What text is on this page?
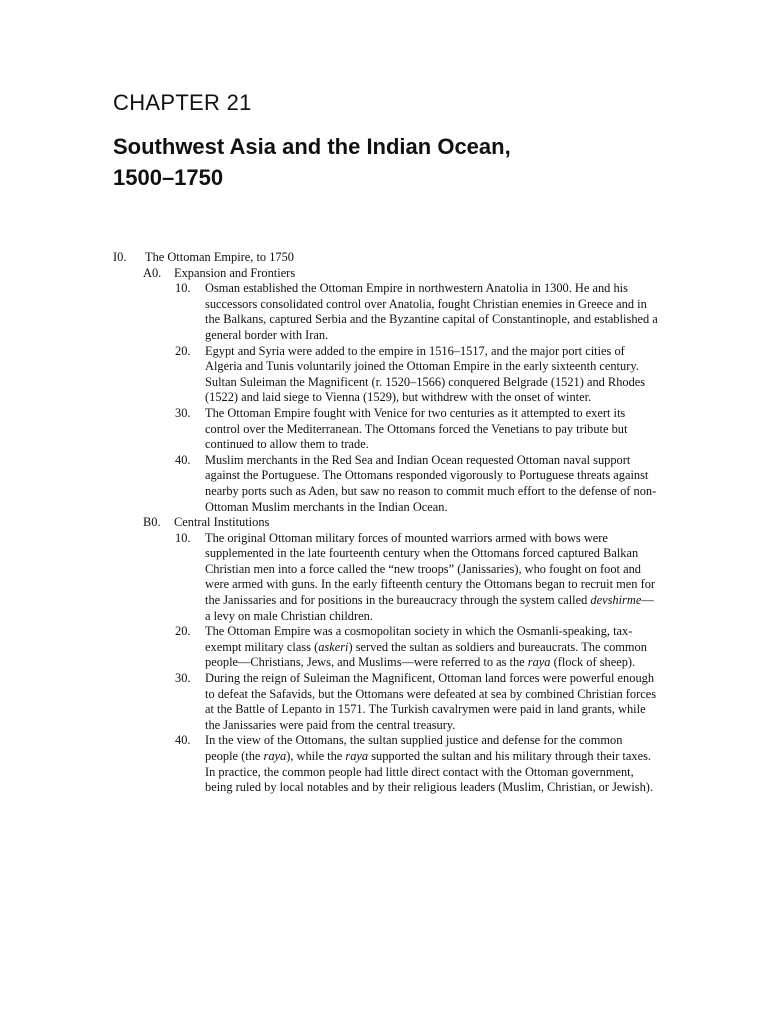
CHAPTER 21
Southwest Asia and the Indian Ocean,
1500–1750
I0. The Ottoman Empire, to 1750
A0. Expansion and Frontiers
10. Osman established the Ottoman Empire in northwestern Anatolia in 1300. He and his successors consolidated control over Anatolia, fought Christian enemies in Greece and in the Balkans, captured Serbia and the Byzantine capital of Constantinople, and established a general border with Iran.

20. Egypt and Syria were added to the empire in 1516–1517, and the major port cities of Algeria and Tunis voluntarily joined the Ottoman Empire in the early sixteenth century. Sultan Suleiman the Magnificent (r. 1520–1566) conquered Belgrade (1521) and Rhodes (1522) and laid siege to Vienna (1529), but withdrew with the onset of winter.

30. The Ottoman Empire fought with Venice for two centuries as it attempted to exert its control over the Mediterranean. The Ottomans forced the Venetians to pay tribute but continued to allow them to trade.

40. Muslim merchants in the Red Sea and Indian Ocean requested Ottoman naval support against the Portuguese. The Ottomans responded vigorously to Portuguese threats against nearby ports such as Aden, but saw no reason to commit much effort to the defense of non-Ottoman Muslim merchants in the Indian Ocean.

B0. Central Institutions
10. The original Ottoman military forces of mounted warriors armed with bows were supplemented in the late fourteenth century when the Ottomans forced captured Balkan Christian men into a force called the “new troops” (Janissaries), who fought on foot and were armed with guns. In the early fifteenth century the Ottomans began to recruit men for the Janissaries and for positions in the bureaucracy through the system called devshirme—a levy on male Christian children.

20. The Ottoman Empire was a cosmopolitan society in which the Osmanli-speaking, tax-exempt military class (askeri) served the sultan as soldiers and bureaucrats. The common people—Christians, Jews, and Muslims—were referred to as the raya (flock of sheep).

30. During the reign of Suleiman the Magnificent, Ottoman land forces were powerful enough to defeat the Safavids, but the Ottomans were defeated at sea by combined Christian forces at the Battle of Lepanto in 1571. The Turkish cavalrymen were paid in land grants, while the Janissaries were paid from the central treasury.

40. In the view of the Ottomans, the sultan supplied justice and defense for the common people (the raya), while the raya supported the sultan and his military through their taxes. In practice, the common people had little direct contact with the Ottoman government, being ruled by local notables and by their religious leaders (Muslim, Christian, or Jewish).
